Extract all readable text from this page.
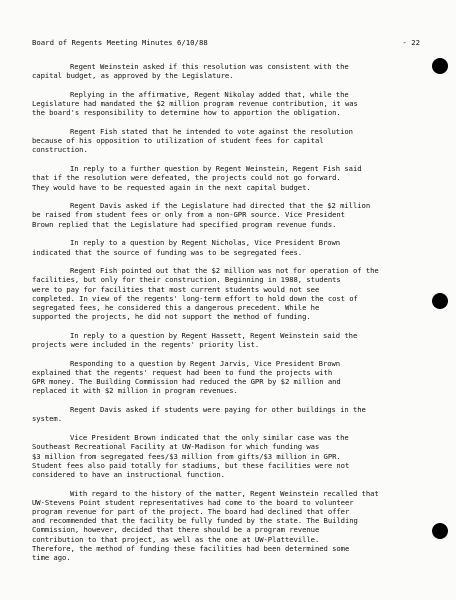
Board of Regents Meeting Minutes 6/10/88	- 22
Regent Weinstein asked if this resolution was consistent with the
capital budget, as approved by the Legislature.
Replying in the affirmative, Regent Nikolay added that, while the
Legislature had mandated the $2 million program revenue contribution, it was
the board's responsibility to determine how to apportion the obligation.
Regent Fish stated that he intended to vote against the resolution
because of his opposition to utilization of student fees for capital
construction.
In reply to a further question by Regent Weinstein, Regent Fish said
that if the resolution were defeated, the projects could not go forward.
They would have to be requested again in the next capital budget.
Regent Davis asked if the Legislature had directed that the $2 million
be raised from student fees or only from a non-GPR source. Vice President
Brown replied that the Legislature had specified program revenue funds.
In reply to a question by Regent Nicholas, Vice President Brown
indicated that the source of funding was to be segregated fees.
Regent Fish pointed out that the $2 million was not for operation of the
facilities, but only for their construction. Beginning in 1988, students
were to pay for facilities that most current students would not see
completed. In view of the regents' long-term effort to hold down the cost of
segregated fees, he considered this a dangerous precedent. While he
supported the projects, he did not support the method of funding.
In reply to a question by Regent Hassett, Regent Weinstein said the
projects were included in the regents' priority list.
Responding to a question by Regent Jarvis, Vice President Brown
explained that the regents' request had been to fund the projects with
GPR money. The Building Commission had reduced the GPR by $2 million and
replaced it with $2 million in program revenues.
Regent Davis asked if students were paying for other buildings in the
system.
Vice President Brown indicated that the only similar case was the
Southeast Recreational Facility at UW-Madison for which funding was
$3 million from segregated fees/$3 million from gifts/$3 million in GPR.
Student fees also paid totally for stadiums, but these facilities were not
considered to have an instructional function.
With regard to the history of the matter, Regent Weinstein recalled that
UW-Stevens Point student representatives had come to the board to volunteer
program revenue for part of the project. The board had declined that offer
and recommended that the facility be fully funded by the state. The Building
Commission, however, decided that there should be a program revenue
contribution to that project, as well as the one at UW-Platteville.
Therefore, the method of funding these facilities had been determined some
time ago.
